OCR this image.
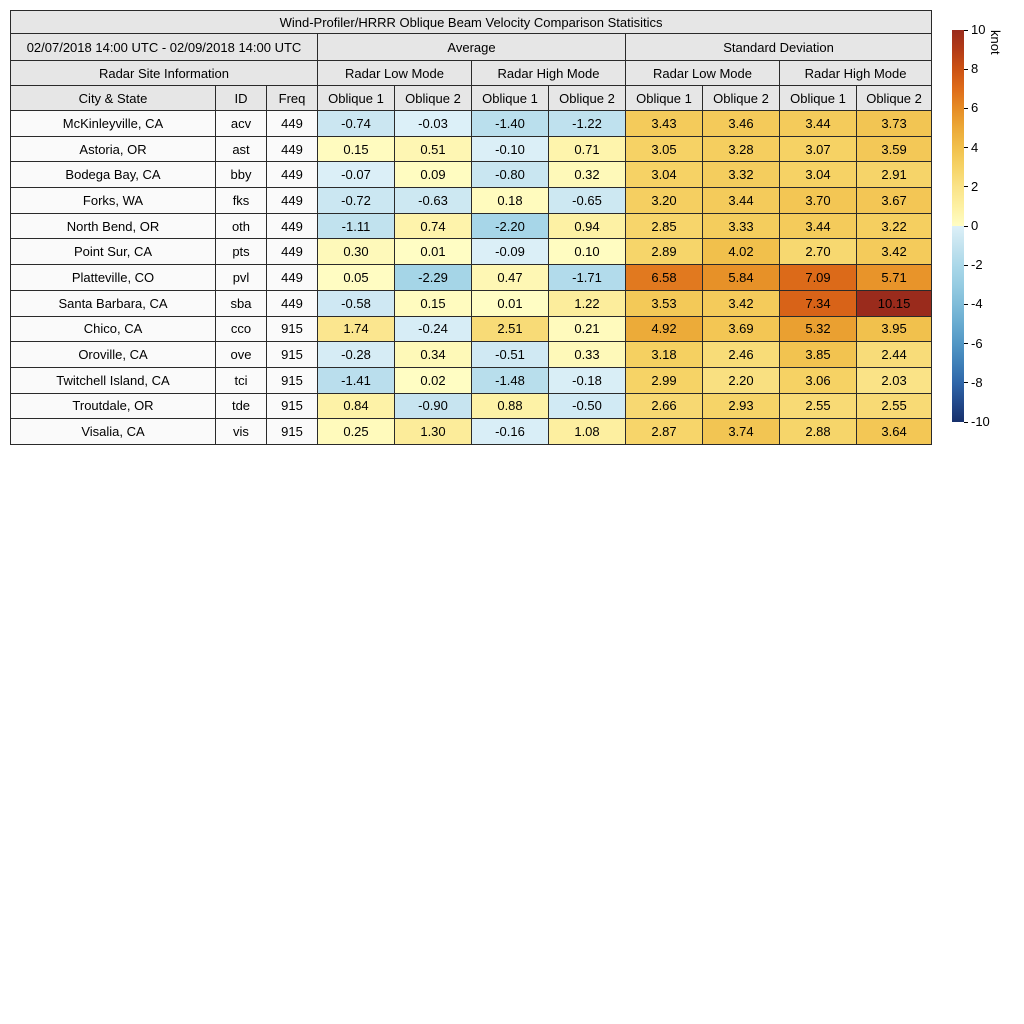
Wind-Profiler/HRRR Oblique Beam Velocity Comparison Statisitics										
02/07/2018 14:00 UTC - 02/09/2018 14:00 UTC			Average				Standard Deviation			
Radar Site Information			Radar Low Mode		Radar High Mode		Radar Low Mode		Radar High Mode	
City & State	ID	Freq	Oblique 1	Oblique 2	Oblique 1	Oblique 2	Oblique 1	Oblique 2	Oblique 1	Oblique 2
McKinleyville, CA	acv	449	-0.74	-0.03	-1.40	-1.22	3.43	3.46	3.44	3.73
Astoria, OR	ast	449	0.15	0.51	-0.10	0.71	3.05	3.28	3.07	3.59
Bodega Bay, CA	bby	449	-0.07	0.09	-0.80	0.32	3.04	3.32	3.04	2.91
Forks, WA	fks	449	-0.72	-0.63	0.18	-0.65	3.20	3.44	3.70	3.67
North Bend, OR	oth	449	-1.11	0.74	-2.20	0.94	2.85	3.33	3.44	3.22
Point Sur, CA	pts	449	0.30	0.01	-0.09	0.10	2.89	4.02	2.70	3.42
Platteville, CO	pvl	449	0.05	-2.29	0.47	-1.71	6.58	5.84	7.09	5.71
Santa Barbara, CA	sba	449	-0.58	0.15	0.01	1.22	3.53	3.42	7.34	10.15
Chico, CA	cco	915	1.74	-0.24	2.51	0.21	4.92	3.69	5.32	3.95
Oroville, CA	ove	915	-0.28	0.34	-0.51	0.33	3.18	2.46	3.85	2.44
Twitchell Island, CA	tci	915	-1.41	0.02	-1.48	-0.18	2.99	2.20	3.06	2.03
Troutdale, OR	tde	915	0.84	-0.90	0.88	-0.50	2.66	2.93	2.55	2.55
Visalia, CA	vis	915	0.25	1.30	-0.16	1.08	2.87	3.74	2.88	3.64
knot
10
8
6
4
2
0
-2
-4
-6
-8
-10
